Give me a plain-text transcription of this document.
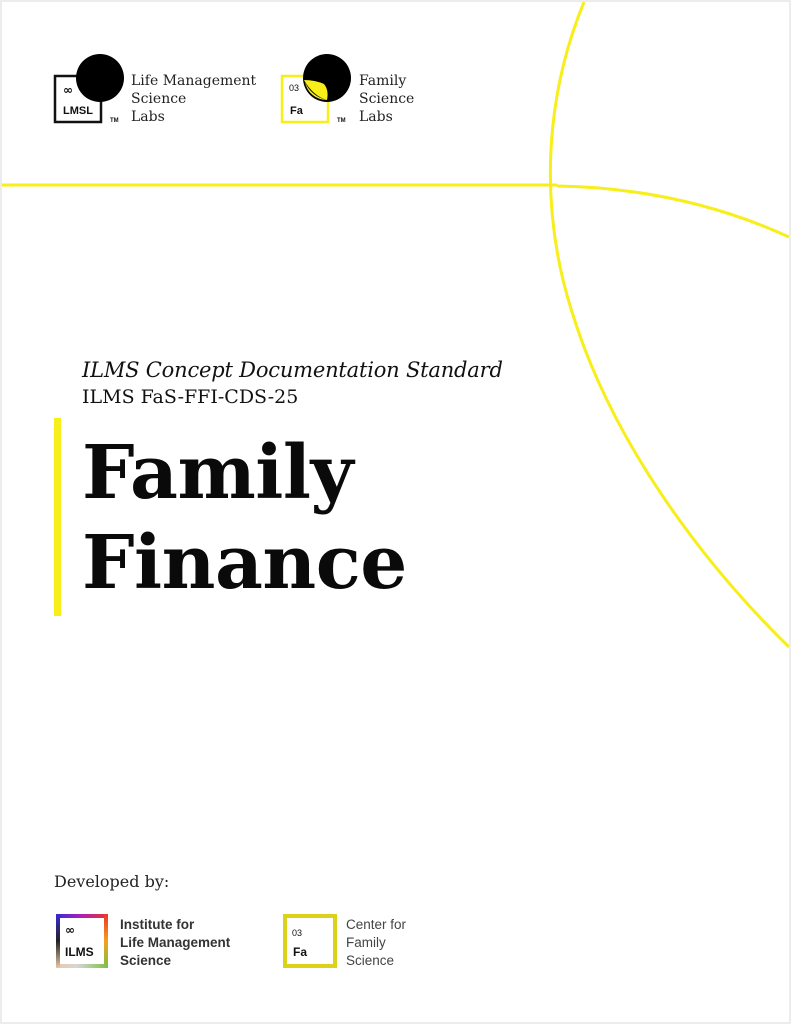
∞
LMSL
TM
Life Management
Science
Labs
03
Fa
TM
Family
Science
Labs
ILMS Concept Documentation Standard
ILMS FaS-FFI-CDS-25
Family
Finance
Developed by:
∞
ILMS
Institute for
Life Management
Science
03
Fa
Center for
Family
Science
